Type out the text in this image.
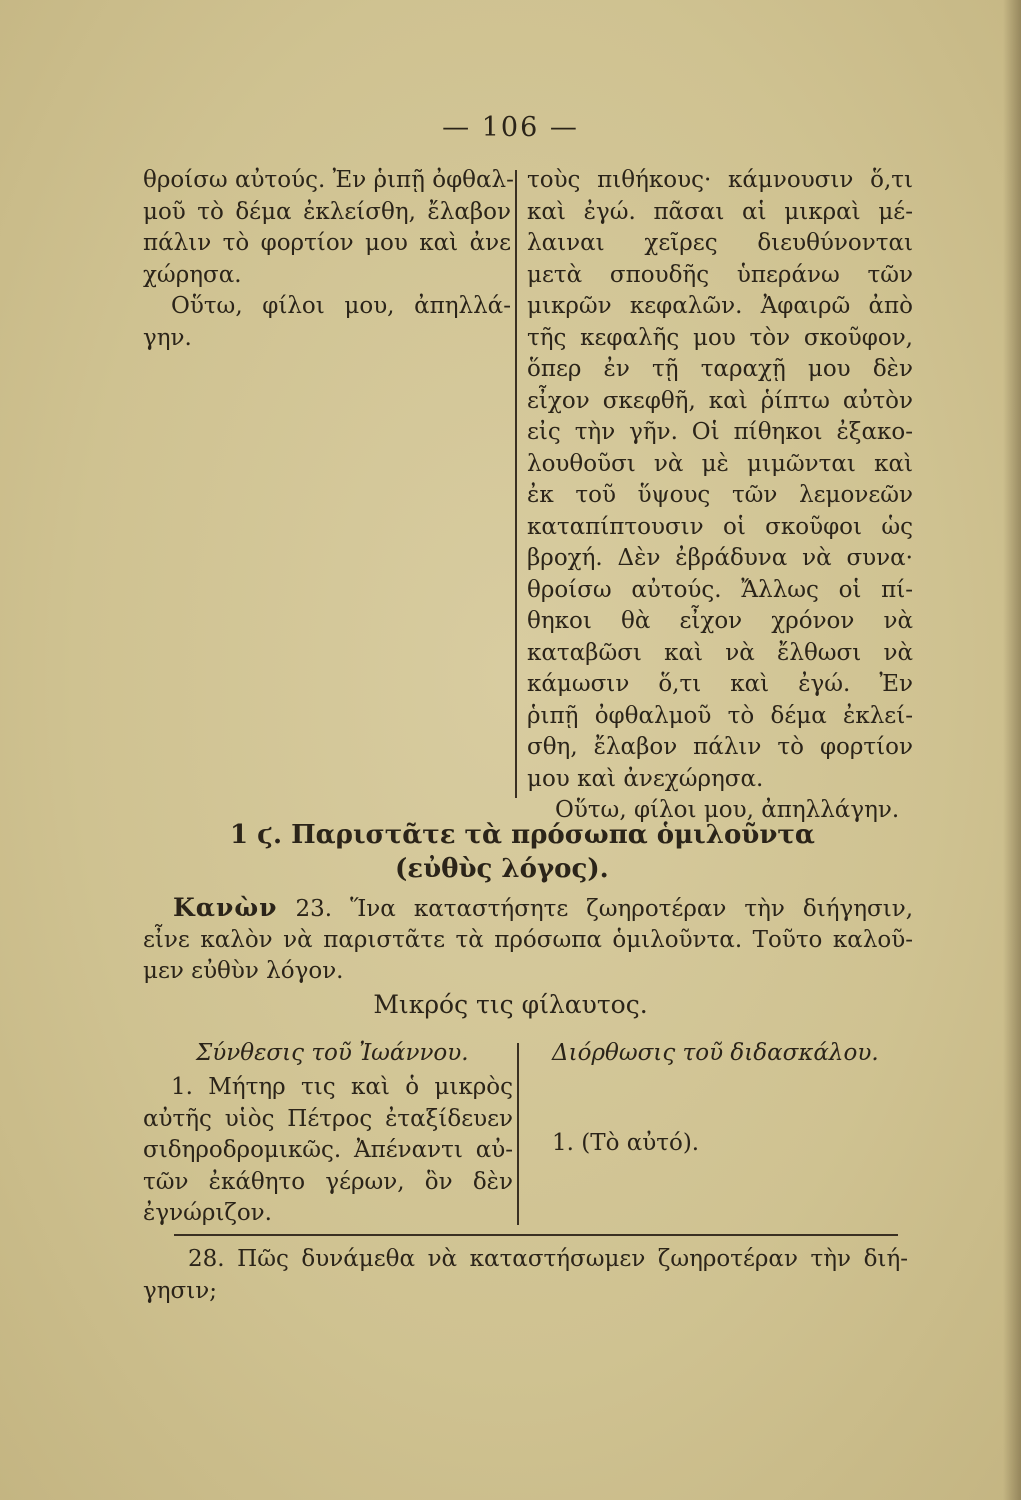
— 106 —
θροίσω αὐτούς. Ἐν ῥιπῇ ὀφθαλ-
μοῦ τὸ δέμα ἐκλείσθη, ἔλαβον
πάλιν τὸ φορτίον μου καὶ ἀνε
χώρησα.
Οὕτω, φίλοι μου, ἀπηλλά-
γην.
τοὺς πιθήκους· κάμνουσιν ὅ,τι
καὶ ἐγώ. πᾶσαι αἱ μικραὶ μέ-
λαιναι χεῖρες διευθύνονται
μετὰ σπουδῆς ὑπεράνω τῶν
μικρῶν κεφαλῶν. Ἀφαιρῶ ἀπὸ
τῆς κεφαλῆς μου τὸν σκοῦφον,
ὅπερ ἐν τῇ ταραχῇ μου δὲν
εἶχον σκεφθῆ, καὶ ῥίπτω αὐτὸν
εἰς τὴν γῆν. Οἱ πίθηκοι ἐξακο-
λουθοῦσι νὰ μὲ μιμῶνται καὶ
ἐκ τοῦ ὕψους τῶν λεμονεῶν
καταπίπτουσιν οἱ σκοῦφοι ὡς
βροχή. Δὲν ἐβράδυνα νὰ συνα·
θροίσω αὐτούς. Ἄλλως οἱ πί-
θηκοι θὰ εἶχον χρόνον νὰ
καταβῶσι καὶ νὰ ἔλθωσι νὰ
κάμωσιν ὅ,τι καὶ ἐγώ. Ἐν
ῥιπῇ ὀφθαλμοῦ τὸ δέμα ἐκλεί-
σθη, ἔλαβον πάλιν τὸ φορτίον
μου καὶ ἀνεχώρησα.
Οὕτω, φίλοι μου, ἀπηλλάγην.
1 ϛ. Παριστᾶτε τὰ πρόσωπα ὁμιλοῦντα
(εὐθὺς λόγος).
Κανὼν 23. Ἵνα καταστήσητε ζωηροτέραν τὴν διήγησιν,
εἶνε καλὸν νὰ παριστᾶτε τὰ πρόσωπα ὁμιλοῦντα. Τοῦτο καλοῦ-
μεν εὐθὺν λόγον.
Μικρός τις φίλαυτος.
Σύνθεσις τοῦ Ἰωάννου.	Διόρθωσις τοῦ διδασκάλου.
1. Μήτηρ τις καὶ ὁ μικρὸς
αὐτῆς υἱὸς Πέτρος ἐταξίδευεν
σιδηροδρομικῶς. Ἀπέναντι αὐ-
τῶν ἐκάθητο γέρων, ὃν δὲν
ἐγνώριζον.
1. (Τὸ αὐτό).
28. Πῶς δυνάμεθα νὰ καταστήσωμεν ζωηροτέραν τὴν διή-
γησιν;
